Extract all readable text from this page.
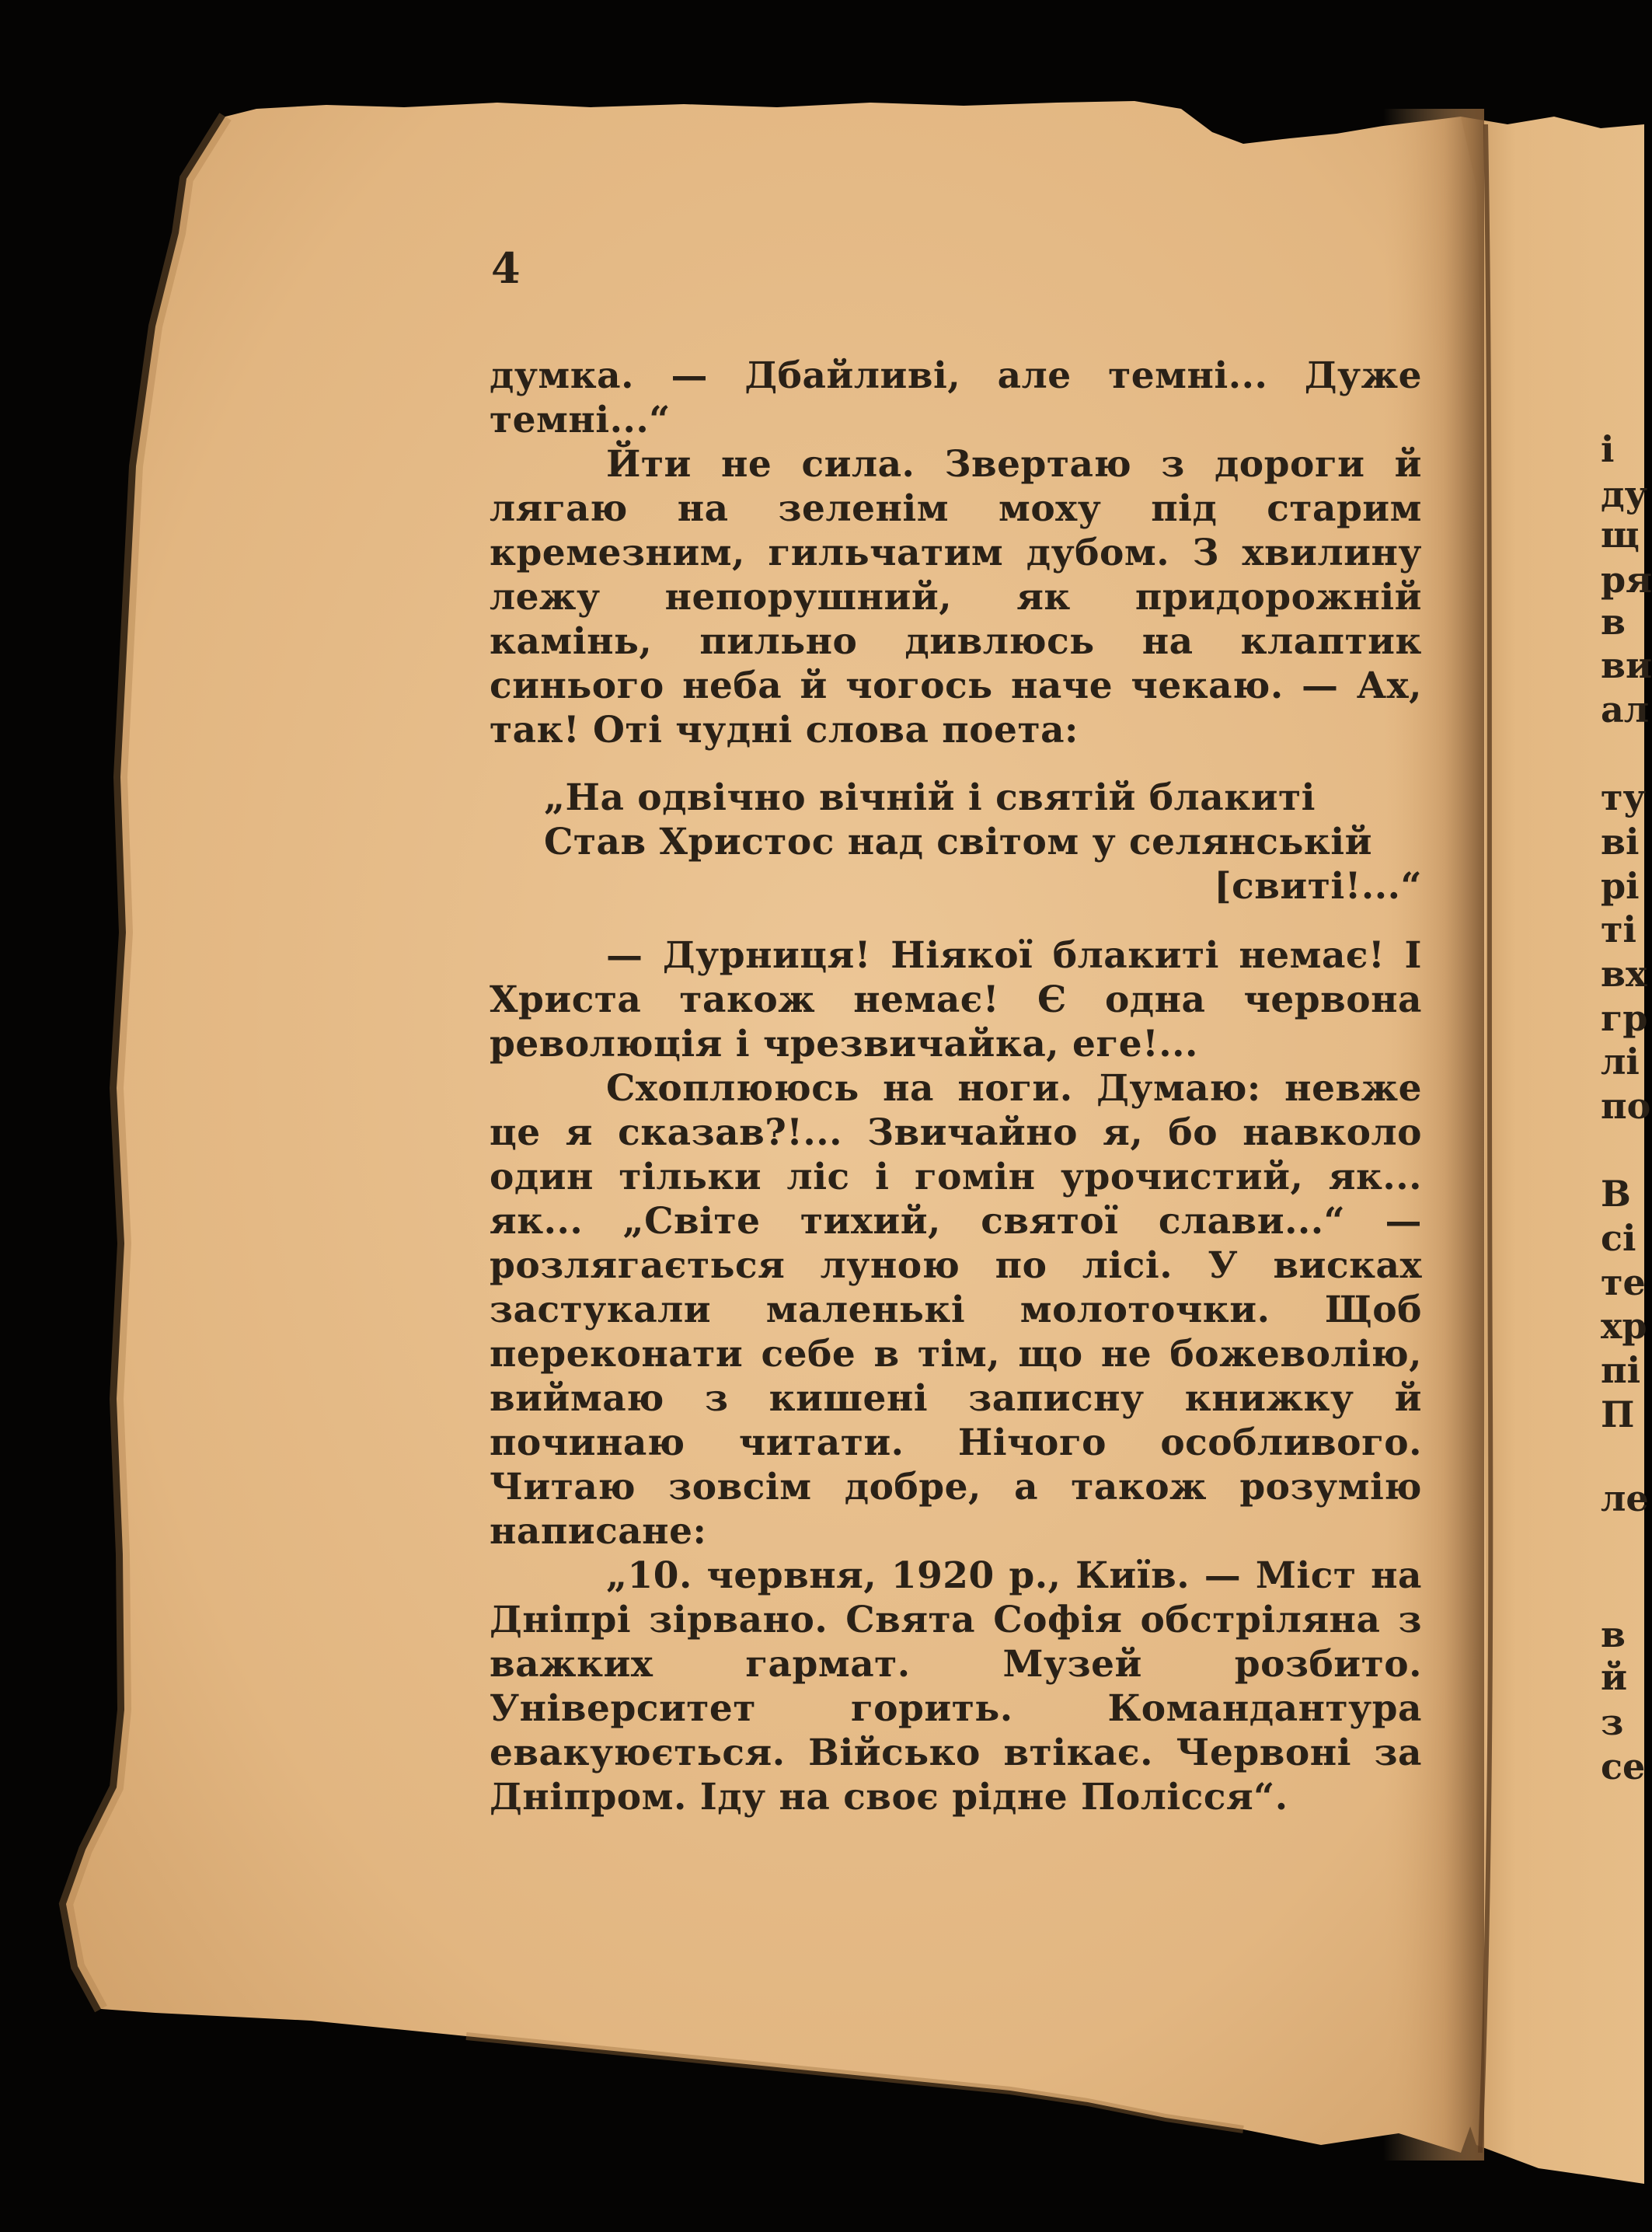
4

думка. — Дбайливі, але темні... Дуже темні...“

Йти не сила. Звертаю з дороги й лягаю на зеленім моху під старим кремезним, гильчатим дубом. З хвилину лежу непорушний, як придорожній камінь, пильно дивлюсь на клаптик синього неба й чогось наче чекаю. — Ах, так! Оті чудні слова поета:

„На одвічно вічній і святій блакиті

Став Христос над світом у селянській

[свиті!...“

— Дурниця! Ніякої блакиті немає! І Христа також немає! Є одна червона революція і чрезвичайка, еге!...

Схоплююсь на ноги. Думаю: невже це я сказав?!... Звичайно я, бо навколо один тільки ліс і гомін урочистий, як... як... „Світе тихий, святої слави...“ — розлягається луною по лісі. У висках застукали маленькі молоточки. Щоб переконати себе в тім, що не божеволію, виймаю з кишені записну книжку й починаю читати. Нічого особливого. Читаю зовсім добре, а також розумію написане:

„10. червня, 1920 р., Київ. — Міст на Дніпрі зірвано. Свята Софія обстріляна з важких гармат. Музей розбито. Університет горить. Командантура евакуюється. Військо втікає. Червоні за Дніпром. Іду на своє рідне Полісся“.

і
ду
щ
ря
в
ви
ал
ту
ві
рі
ті
вх
гр
лі
по
В
сі
те
хр
пі
П
ле
в
й
з
се
